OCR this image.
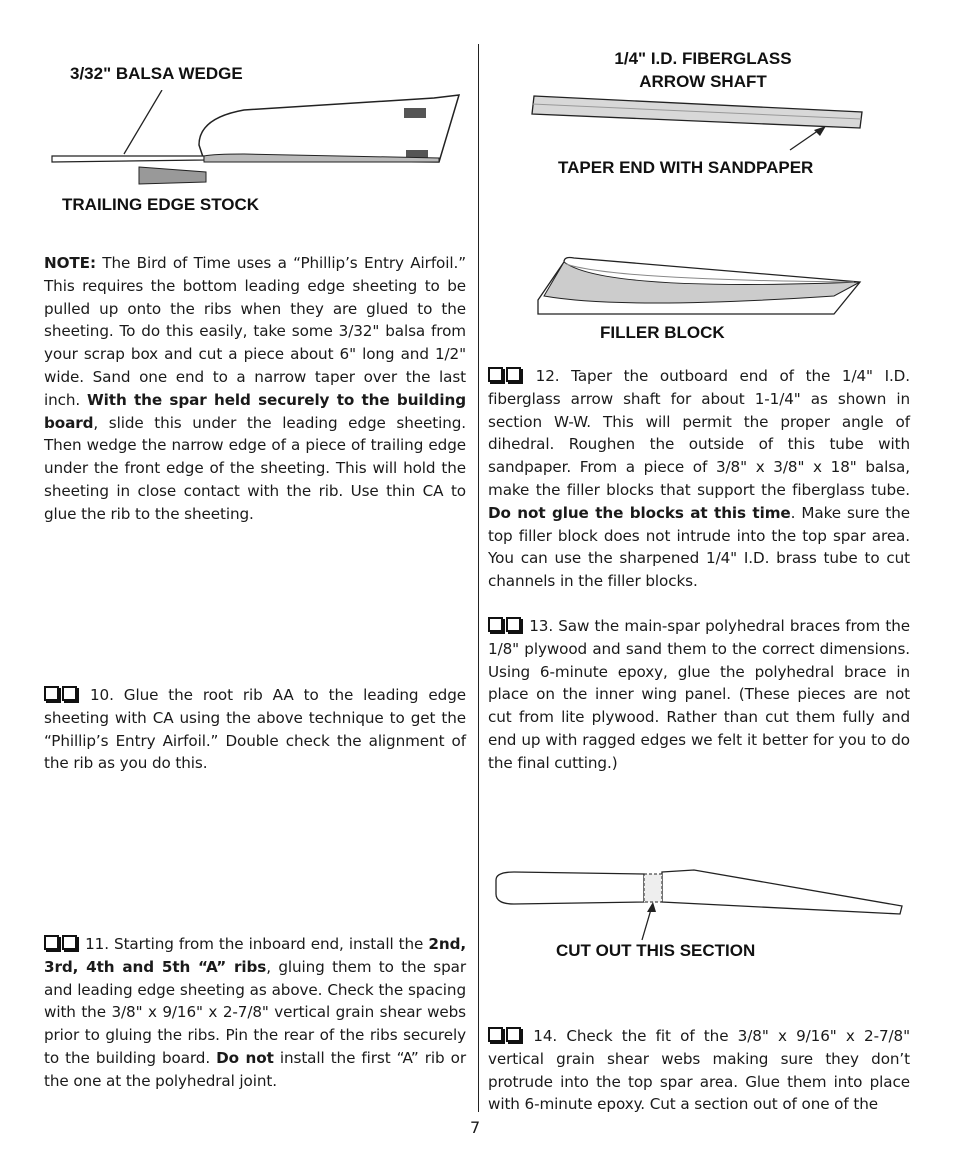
3/32" BALSA WEDGE
TRAILING EDGE STOCK
1/4" I.D. FIBERGLASS
ARROW SHAFT
TAPER END WITH SANDPAPER
FILLER BLOCK
CUT OUT THIS SECTION
NOTE: The Bird of Time uses a “Phillip’s Entry Airfoil.” This requires the bottom leading edge sheeting to be pulled up onto the ribs when they are glued to the sheeting. To do this easily, take some 3/32" balsa from your scrap box and cut a piece about 6" long and 1/2" wide. Sand one end to a narrow taper over the last inch. With the spar held securely to the building board, slide this under the leading edge sheeting. Then wedge the narrow edge of a piece of trailing edge under the front edge of the sheeting. This will hold the sheeting in close contact with the rib. Use thin CA to glue the rib to the sheeting.
10. Glue the root rib AA to the leading edge sheeting with CA using the above technique to get the “Phillip’s Entry Airfoil.” Double check the alignment of the rib as you do this.
11. Starting from the inboard end, install the 2nd, 3rd, 4th and 5th “A” ribs, gluing them to the spar and leading edge sheeting as above. Check the spacing with the 3/8" x 9/16" x 2-7/8" vertical grain shear webs prior to gluing the ribs. Pin the rear of the ribs securely to the building board. Do not install the first “A” rib or the one at the polyhedral joint.
12. Taper the outboard end of the 1/4" I.D. fiberglass arrow shaft for about 1-1/4" as shown in section W-W. This will permit the proper angle of dihedral. Roughen the outside of this tube with sandpaper. From a piece of 3/8" x 3/8" x 18" balsa, make the filler blocks that support the fiberglass tube. Do not glue the blocks at this time. Make sure the top filler block does not intrude into the top spar area. You can use the sharpened 1/4" I.D. brass tube to cut channels in the filler blocks.
13. Saw the main-spar polyhedral braces from the 1/8" plywood and sand them to the correct dimensions. Using 6-minute epoxy, glue the polyhedral brace in place on the inner wing panel. (These pieces are not cut from lite plywood. Rather than cut them fully and end up with ragged edges we felt it better for you to do the final cutting.)
14. Check the fit of the 3/8" x 9/16" x 2-7/8" vertical grain shear webs making sure they don’t protrude into the top spar area. Glue them into place with 6-minute epoxy. Cut a section out of one of the
7
